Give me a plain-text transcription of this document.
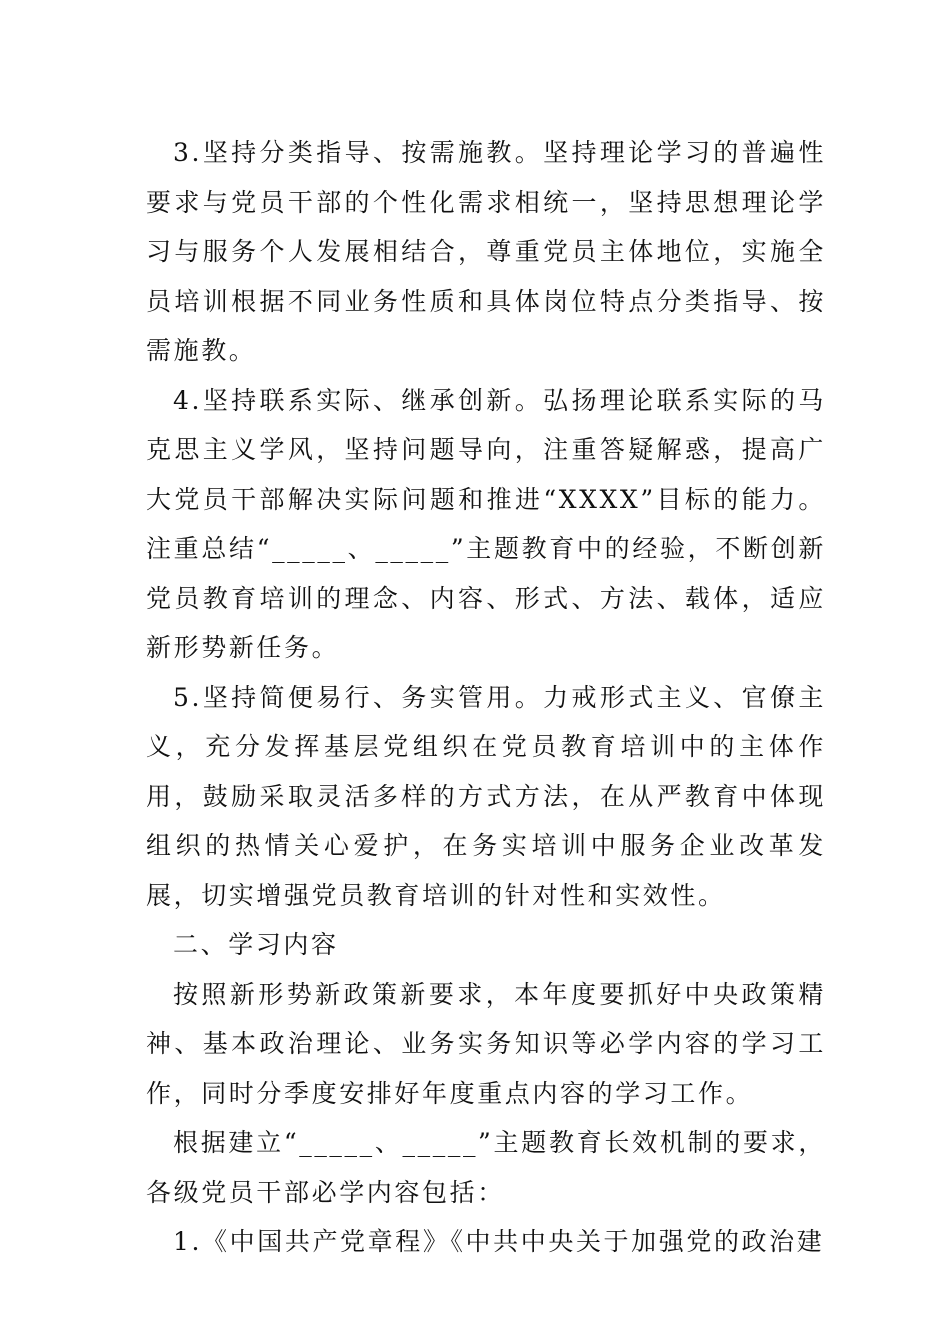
3.坚持分类指导、按需施教。坚持理论学习的普遍性要求与党员干部的个性化需求相统一，坚持思想理论学习与服务个人发展相结合，尊重党员主体地位，实施全员培训根据不同业务性质和具体岗位特点分类指导、按需施教。

4.坚持联系实际、继承创新。弘扬理论联系实际的马克思主义学风，坚持问题导向，注重答疑解惑，提高广大党员干部解决实际问题和推进“XXXX”目标的能力。注重总结“_____、_____”主题教育中的经验，不断创新党员教育培训的理念、内容、形式、方法、载体，适应新形势新任务。

5.坚持简便易行、务实管用。力戒形式主义、官僚主义，充分发挥基层党组织在党员教育培训中的主体作用，鼓励采取灵活多样的方式方法，在从严教育中体现组织的热情关心爱护，在务实培训中服务企业改革发展，切实增强党员教育培训的针对性和实效性。

二、学习内容

按照新形势新政策新要求，本年度要抓好中央政策精神、基本政治理论、业务实务知识等必学内容的学习工作，同时分季度安排好年度重点内容的学习工作。

根据建立“_____、_____”主题教育长效机制的要求，各级党员干部必学内容包括：

1.《中国共产党章程》《中共中央关于加强党的政治建
